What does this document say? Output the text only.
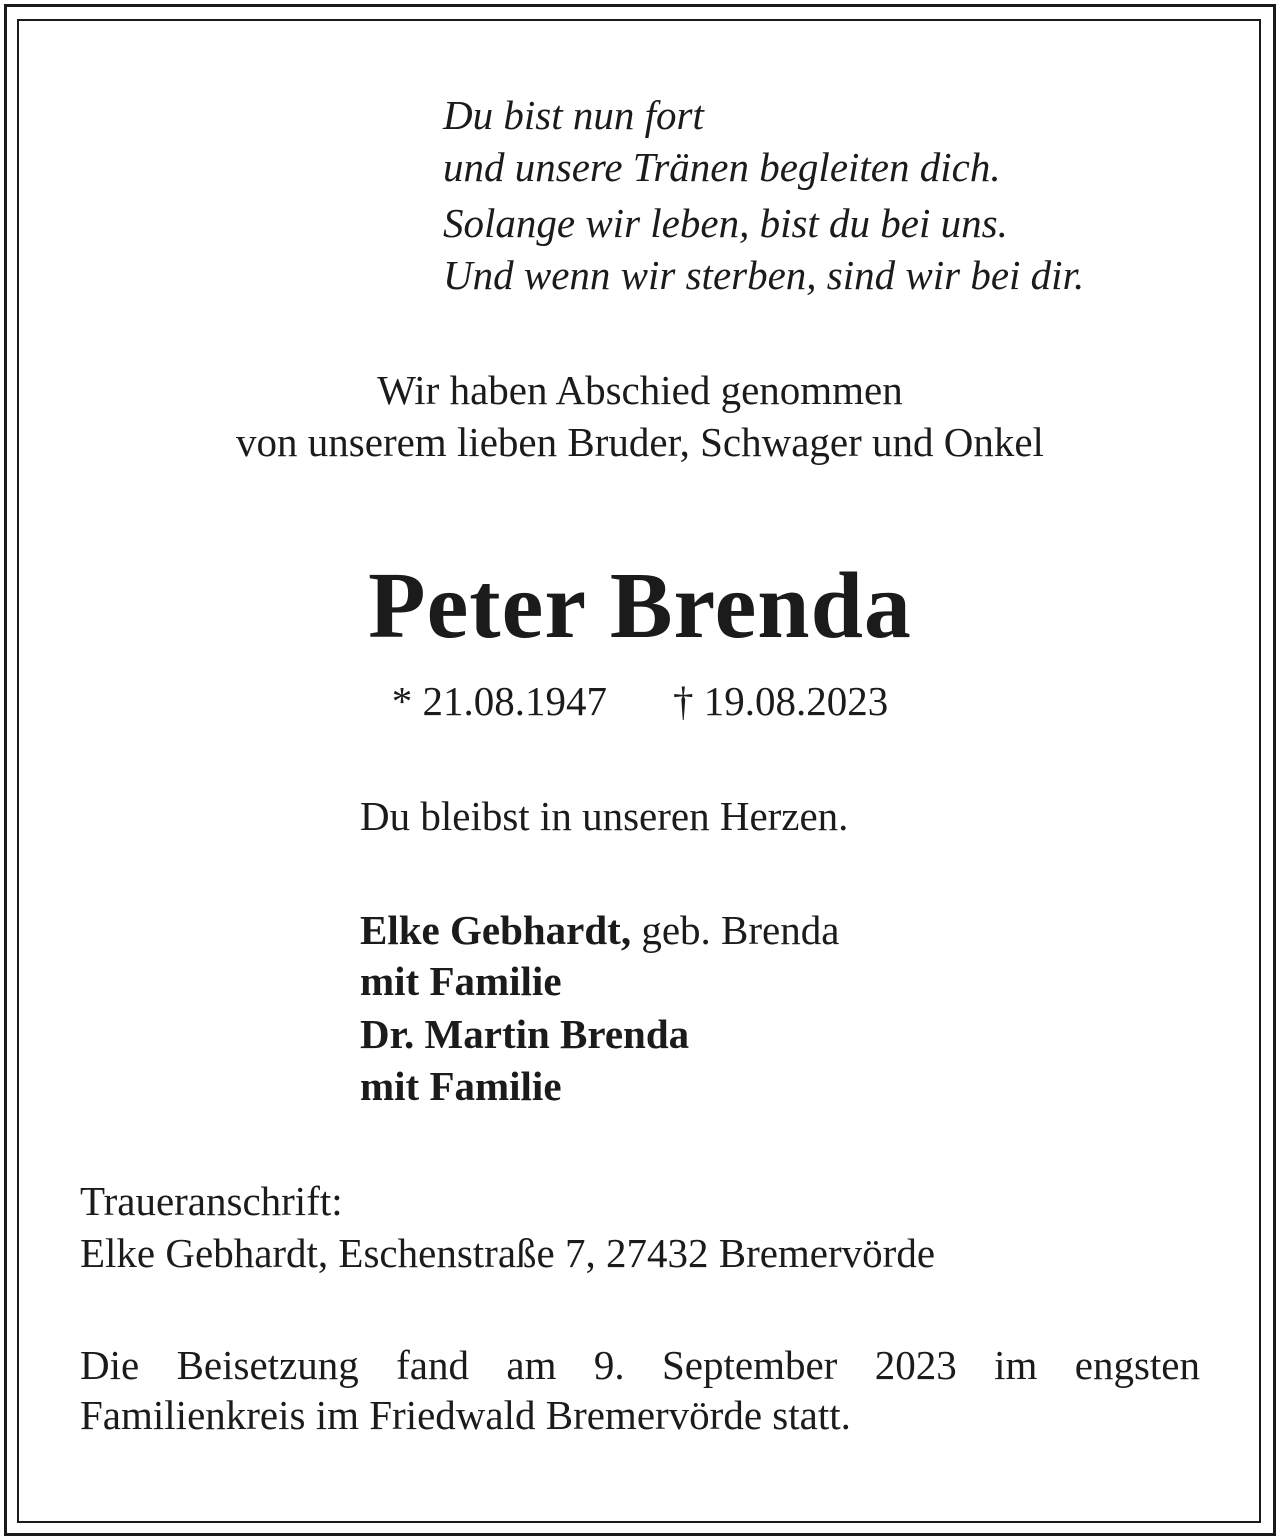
Du bist nun fort

und unsere Tränen begleiten dich.

Solange wir leben, bist du bei uns.

Und wenn wir sterben, sind wir bei dir.

Wir haben Abschied genommen

von unserem lieben Bruder, Schwager und Onkel

Peter Brenda

* 21.08.1947 † 19.08.2023

Du bleibst in unseren Herzen.

Elke Gebhardt, geb. Brenda

mit Familie

Dr. Martin Brenda

mit Familie

Traueranschrift:

Elke Gebhardt, Eschenstraße 7, 27432 Bremervörde

Die Beisetzung fand am 9. September 2023 im engsten
Familienkreis im Friedwald Bremervörde statt.
